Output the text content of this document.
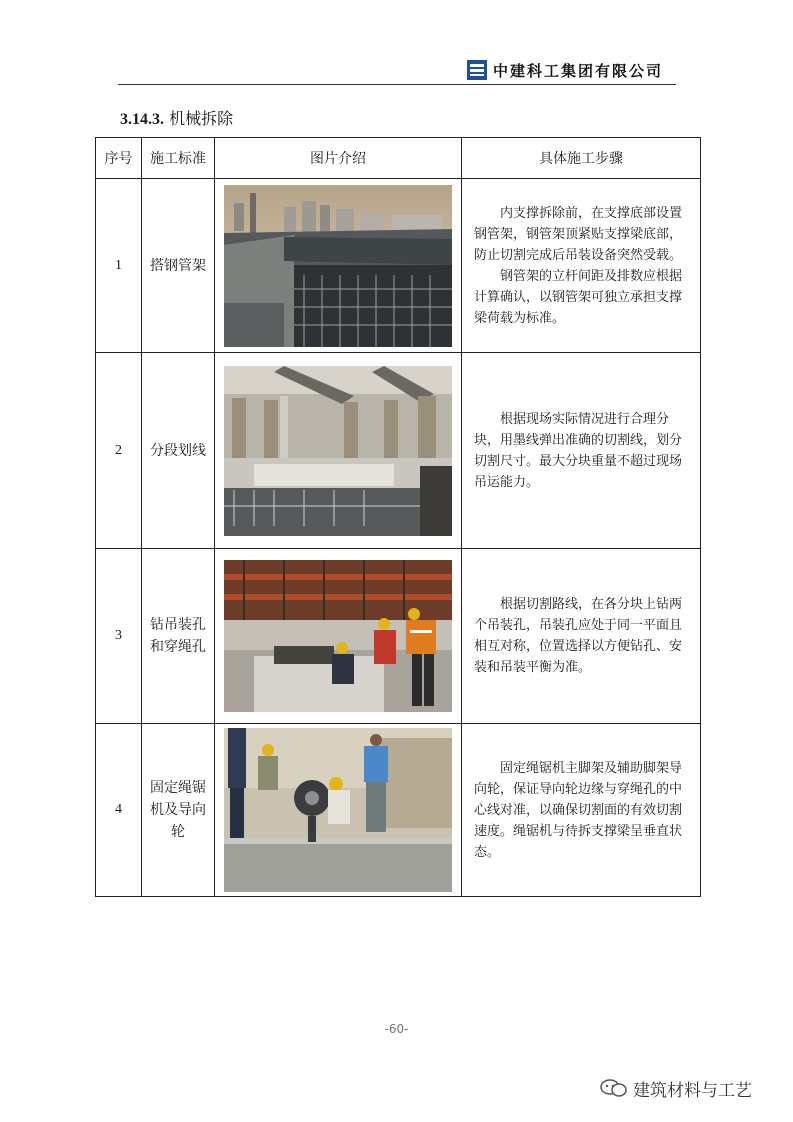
中建科工集团有限公司
3.14.3. 机械拆除
序号	施工标准	图片介绍	具体施工步骤
1	搭钢管架		内支撑拆除前，在支撑底部设置钢管架，钢管架顶紧贴支撑梁底部，防止切割完成后吊装设备突然受载。

钢管架的立杆间距及排数应根据计算确认，以钢管架可独立承担支撑梁荷载为标准。

2	分段划线		根据现场实际情况进行合理分块，用墨线弹出准确的切割线，划分切割尺寸。最大分块重量不超过现场吊运能力。

3	钻吊装孔和穿绳孔		根据切割路线，在各分块上钻两个吊装孔，吊装孔应处于同一平面且相互对称，位置选择以方便钻孔、安装和吊装平衡为准。

4	固定绳锯机及导向轮		固定绳锯机主脚架及辅助脚架导向轮，保证导向轮边缘与穿绳孔的中心线对准，以确保切割面的有效切割速度。绳锯机与待拆支撑梁呈垂直状态。

-60-
建筑材料与工艺
